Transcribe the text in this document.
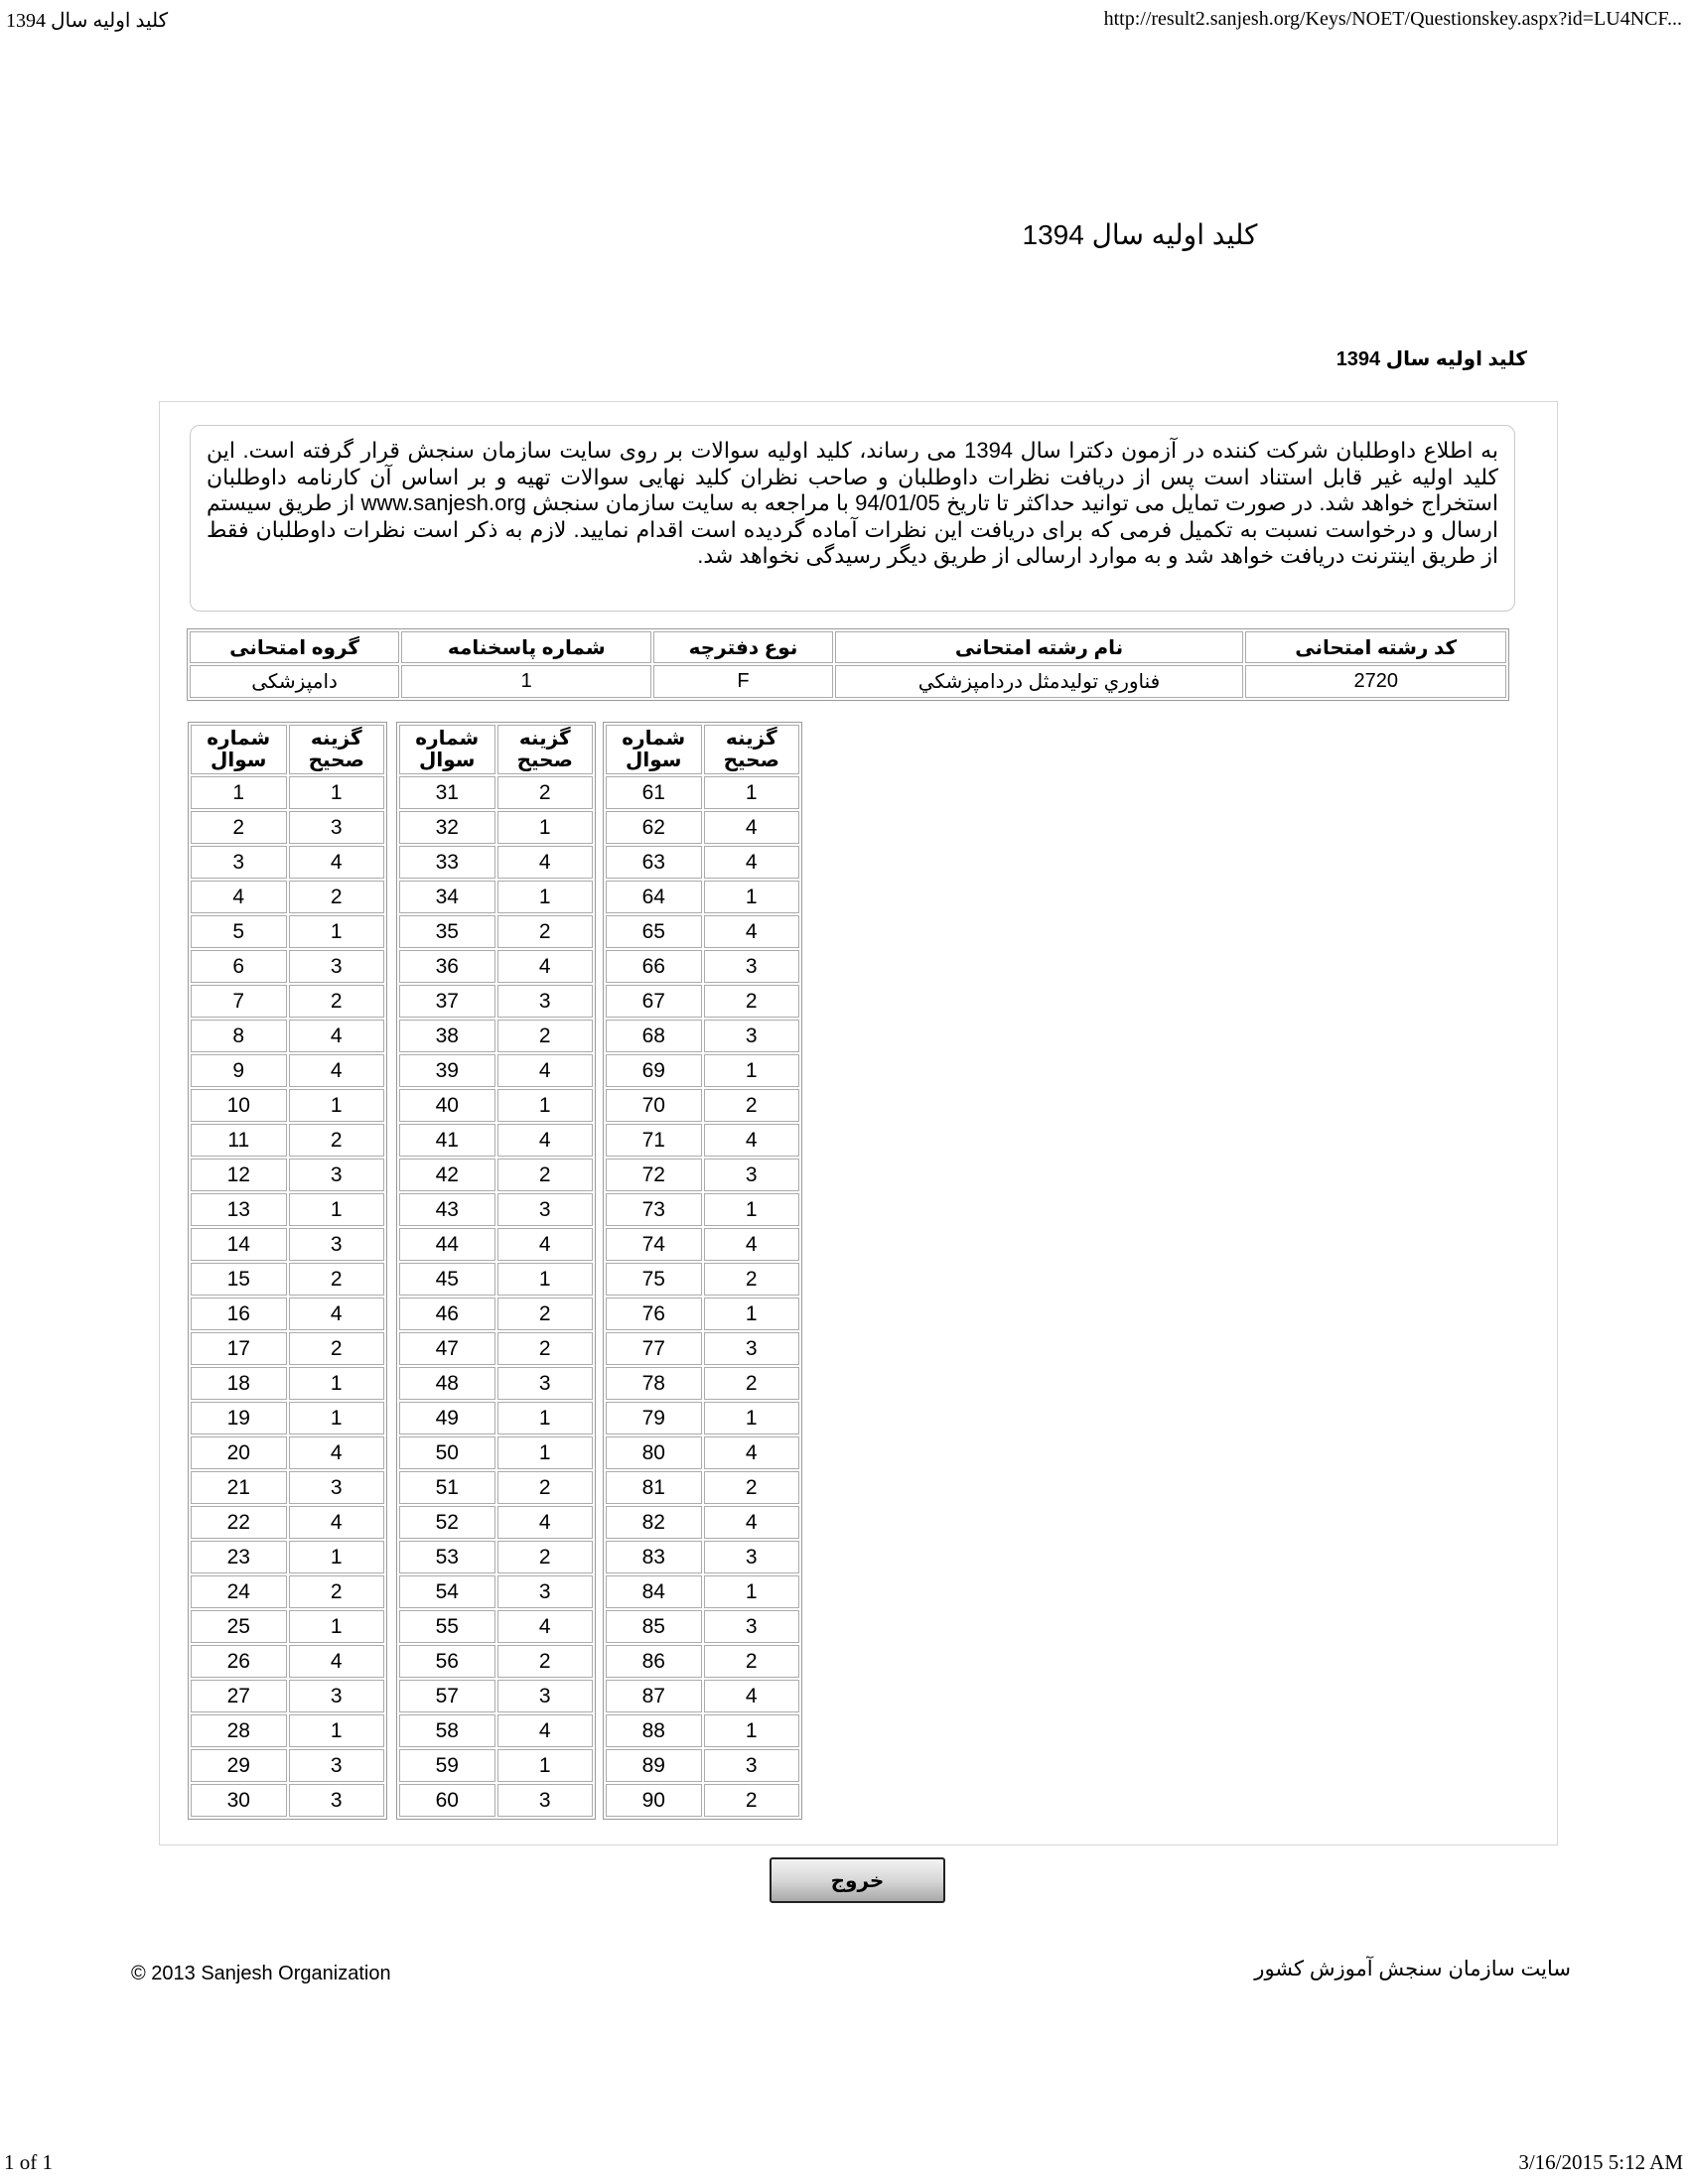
کلید اولیه سال 1394	http://result2.sanjesh.org/Keys/NOET/Questionskey.aspx?id=LU4NCF...
کلید اولیه سال 1394
کلید اولیه سال 1394
به اطلاع داوطلبان شرکت کننده در آزمون دکترا سال 1394 می رساند، کلید اولیه سوالات بر روی سایت سازمان سنجش قرار گرفته است. این کلید اولیه غیر قابل استناد است پس از دریافت نظرات داوطلبان و صاحب نظران کلید نهایی سوالات تهیه و بر اساس آن کارنامه داوطلبان استخراج خواهد شد. در صورت تمایل می توانید حداکثر تا تاریخ 94/01/05 با مراجعه به سایت سازمان سنجش www.sanjesh.org از طریق سیستم ارسال و درخواست نسبت به تکمیل فرمی که برای دریافت این نظرات آماده گردیده است اقدام نمایید. لازم به ذکر است نظرات داوطلبان فقط از طریق اینترنت دریافت خواهد شد و به موارد ارسالی از طریق دیگر رسیدگی نخواهد شد.
کد رشته امتحانی	نام رشته امتحانی	نوع دفترچه	شماره پاسخنامه	گروه امتحانی
2720	فناوري توليدمثل دردامپزشكي	F	1	دامپزشکی
شماره
سوال

گزینه
صحیح

1	1
2	3
3	4
4	2
5	1
6	3
7	2
8	4
9	4
10	1
11	2
12	3
13	1
14	3
15	2
16	4
17	2
18	1
19	1
20	4
21	3
22	4
23	1
24	2
25	1
26	4
27	3
28	1
29	3
30	3
شماره
سوال

گزینه
صحیح

31	2
32	1
33	4
34	1
35	2
36	4
37	3
38	2
39	4
40	1
41	4
42	2
43	3
44	4
45	1
46	2
47	2
48	3
49	1
50	1
51	2
52	4
53	2
54	3
55	4
56	2
57	3
58	4
59	1
60	3
شماره
سوال

گزینه
صحیح

61	1
62	4
63	4
64	1
65	4
66	3
67	2
68	3
69	1
70	2
71	4
72	3
73	1
74	4
75	2
76	1
77	3
78	2
79	1
80	4
81	2
82	4
83	3
84	1
85	3
86	2
87	4
88	1
89	3
90	2
خروج
© 2013 Sanjesh Organization	سایت سازمان سنجش آموزش کشور
1 of 1	3/16/2015 5:12 AM
